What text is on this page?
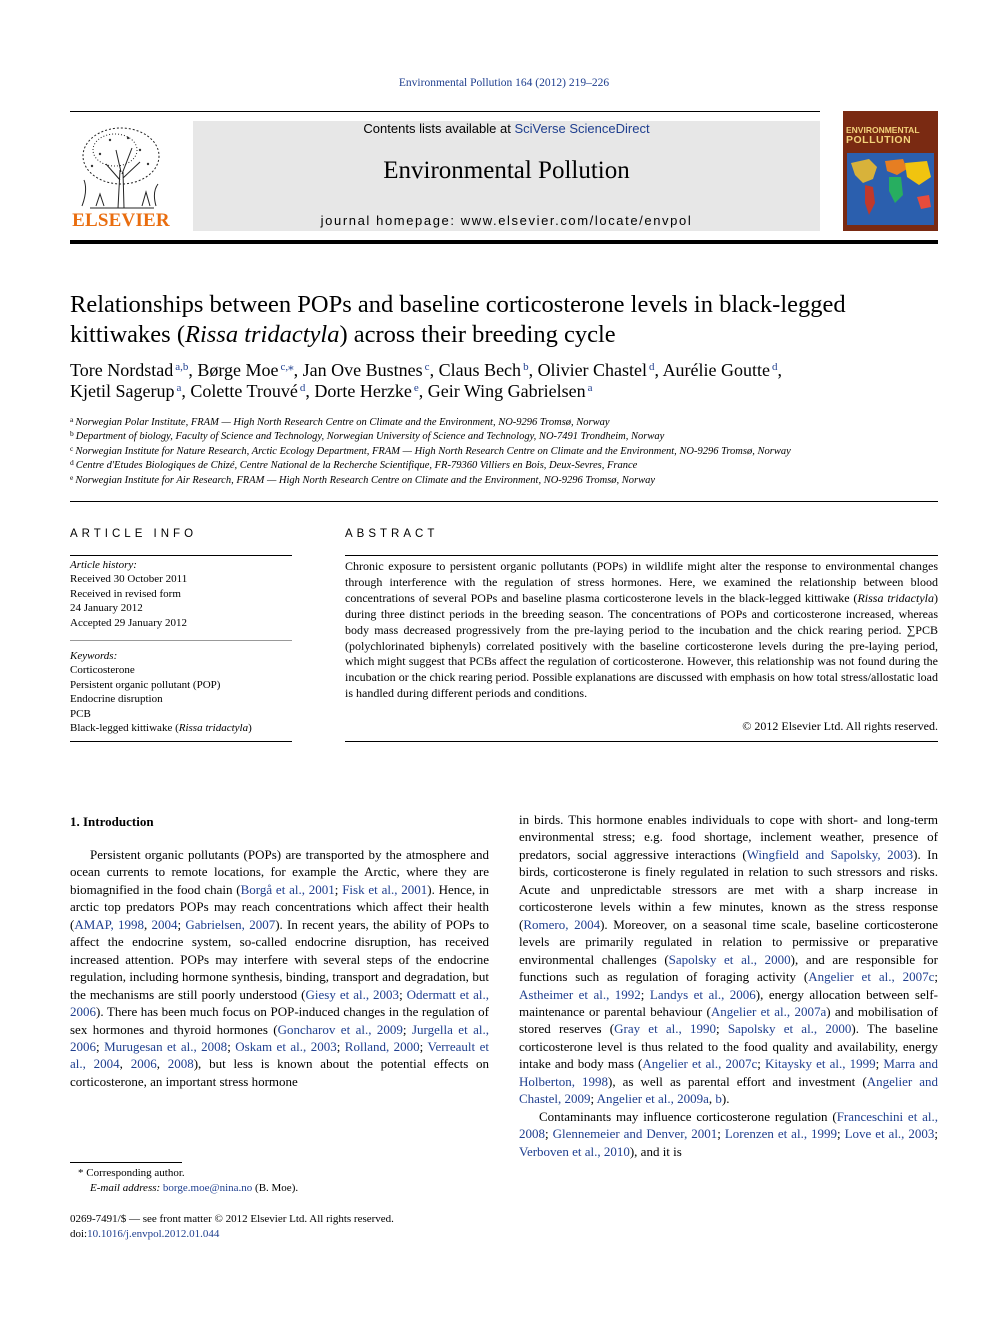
Environmental Pollution 164 (2012) 219–226
ELSEVIER
Contents lists available at SciVerse ScienceDirect
Environmental Pollution
journal homepage: www.elsevier.com/locate/envpol
ENVIRONMENTAL
POLLUTION
Relationships between POPs and baseline corticosterone levels in black-legged kittiwakes (Rissa tridactyla) across their breeding cycle
Tore Nordstad $^{a,b}$, Børge Moe $^{c,⁎}$, Jan Ove Bustnes $^c$, Claus Bech $^b$, Olivier Chastel $^d$, Aurélie Goutte $^d$,
Kjetil Sagerup $^a$, Colette Trouvé $^d$, Dorte Herzke $^e$, Geir Wing Gabrielsen $^a$
$^a$ Norwegian Polar Institute, FRAM — High North Research Centre on Climate and the Environment, NO-9296 Tromsø, Norway
$^b$ Department of biology, Faculty of Science and Technology, Norwegian University of Science and Technology, NO-7491 Trondheim, Norway
$^c$ Norwegian Institute for Nature Research, Arctic Ecology Department, FRAM — High North Research Centre on Climate and the Environment, NO-9296 Tromsø, Norway
$^d$ Centre d'Etudes Biologiques de Chizé, Centre National de la Recherche Scientifique, FR-79360 Villiers en Bois, Deux-Sevres, France
$^e$ Norwegian Institute for Air Research, FRAM — High North Research Centre on Climate and the Environment, NO-9296 Tromsø, Norway
ARTICLE INFO
Article history:
Received 30 October 2011
Received in revised form
24 January 2012
Accepted 29 January 2012
Keywords:
Corticosterone
Persistent organic pollutant (POP)
Endocrine disruption
PCB
Black-legged kittiwake (Rissa tridactyla)
ABSTRACT
Chronic exposure to persistent organic pollutants (POPs) in wildlife might alter the response to environmental changes through interference with the regulation of stress hormones. Here, we examined the relationship between blood concentrations of several POPs and baseline plasma corticosterone levels in the black-legged kittiwake (Rissa tridactyla) during three distinct periods in the breeding season. The concentrations of POPs and corticosterone increased, whereas body mass decreased progressively from the pre-laying period to the incubation and the chick rearing period. ∑PCB (polychlorinated biphenyls) correlated positively with the baseline corticosterone levels during the pre-laying period, which might suggest that PCBs affect the regulation of corticosterone. However, this relationship was not found during the incubation or the chick rearing period. Possible explanations are discussed with emphasis on how total stress/allostatic load is handled during different periods and conditions.
© 2012 Elsevier Ltd. All rights reserved.
1. Introduction

Persistent organic pollutants (POPs) are transported by the atmosphere and ocean currents to remote locations, for example the Arctic, where they are biomagnified in the food chain (Borgå et al., 2001; Fisk et al., 2001). Hence, in arctic top predators POPs may reach concentrations which affect their health (AMAP, 1998, 2004; Gabrielsen, 2007). In recent years, the ability of POPs to affect the endocrine system, so-called endocrine disruption, has received increased attention. POPs may interfere with several steps of the endocrine regulation, including hormone synthesis, binding, transport and degradation, but the mechanisms are still poorly understood (Giesy et al., 2003; Odermatt et al., 2006). There has been much focus on POP-induced changes in the regulation of sex hormones and thyroid hormones (Goncharov et al., 2009; Jurgella et al., 2006; Murugesan et al., 2008; Oskam et al., 2003; Rolland, 2000; Verreault et al., 2004, 2006, 2008), but less is known about the potential effects on corticosterone, an important stress hormone

in birds. This hormone enables individuals to cope with short- and long-term environmental stress; e.g. food shortage, inclement weather, presence of predators, social aggressive interactions (Wingfield and Sapolsky, 2003). In birds, corticosterone is finely regulated in relation to such stressors and risks. Acute and unpredictable stressors are met with a sharp increase in corticosterone levels within a few minutes, known as the stress response (Romero, 2004). Moreover, on a seasonal time scale, baseline corticosterone levels are primarily regulated in relation to permissive or preparative environmental challenges (Sapolsky et al., 2000), and are responsible for functions such as regulation of foraging activity (Angelier et al., 2007c; Astheimer et al., 1992; Landys et al., 2006), energy allocation between self-maintenance or parental behaviour (Angelier et al., 2007a) and mobilisation of stored reserves (Gray et al., 1990; Sapolsky et al., 2000). The baseline corticosterone level is thus related to the food quality and availability, energy intake and body mass (Angelier et al., 2007c; Kitaysky et al., 1999; Marra and Holberton, 1998), as well as parental effort and investment (Angelier and Chastel, 2009; Angelier et al., 2009a, b).

Contaminants may influence corticosterone regulation (Franceschini et al., 2008; Glennemeier and Denver, 2001; Lorenzen et al., 1999; Love et al., 2003; Verboven et al., 2010), and it is

* Corresponding author.
E-mail address: borge.moe@nina.no (B. Moe).
0269-7491/$ — see front matter © 2012 Elsevier Ltd. All rights reserved.
doi:10.1016/j.envpol.2012.01.044
